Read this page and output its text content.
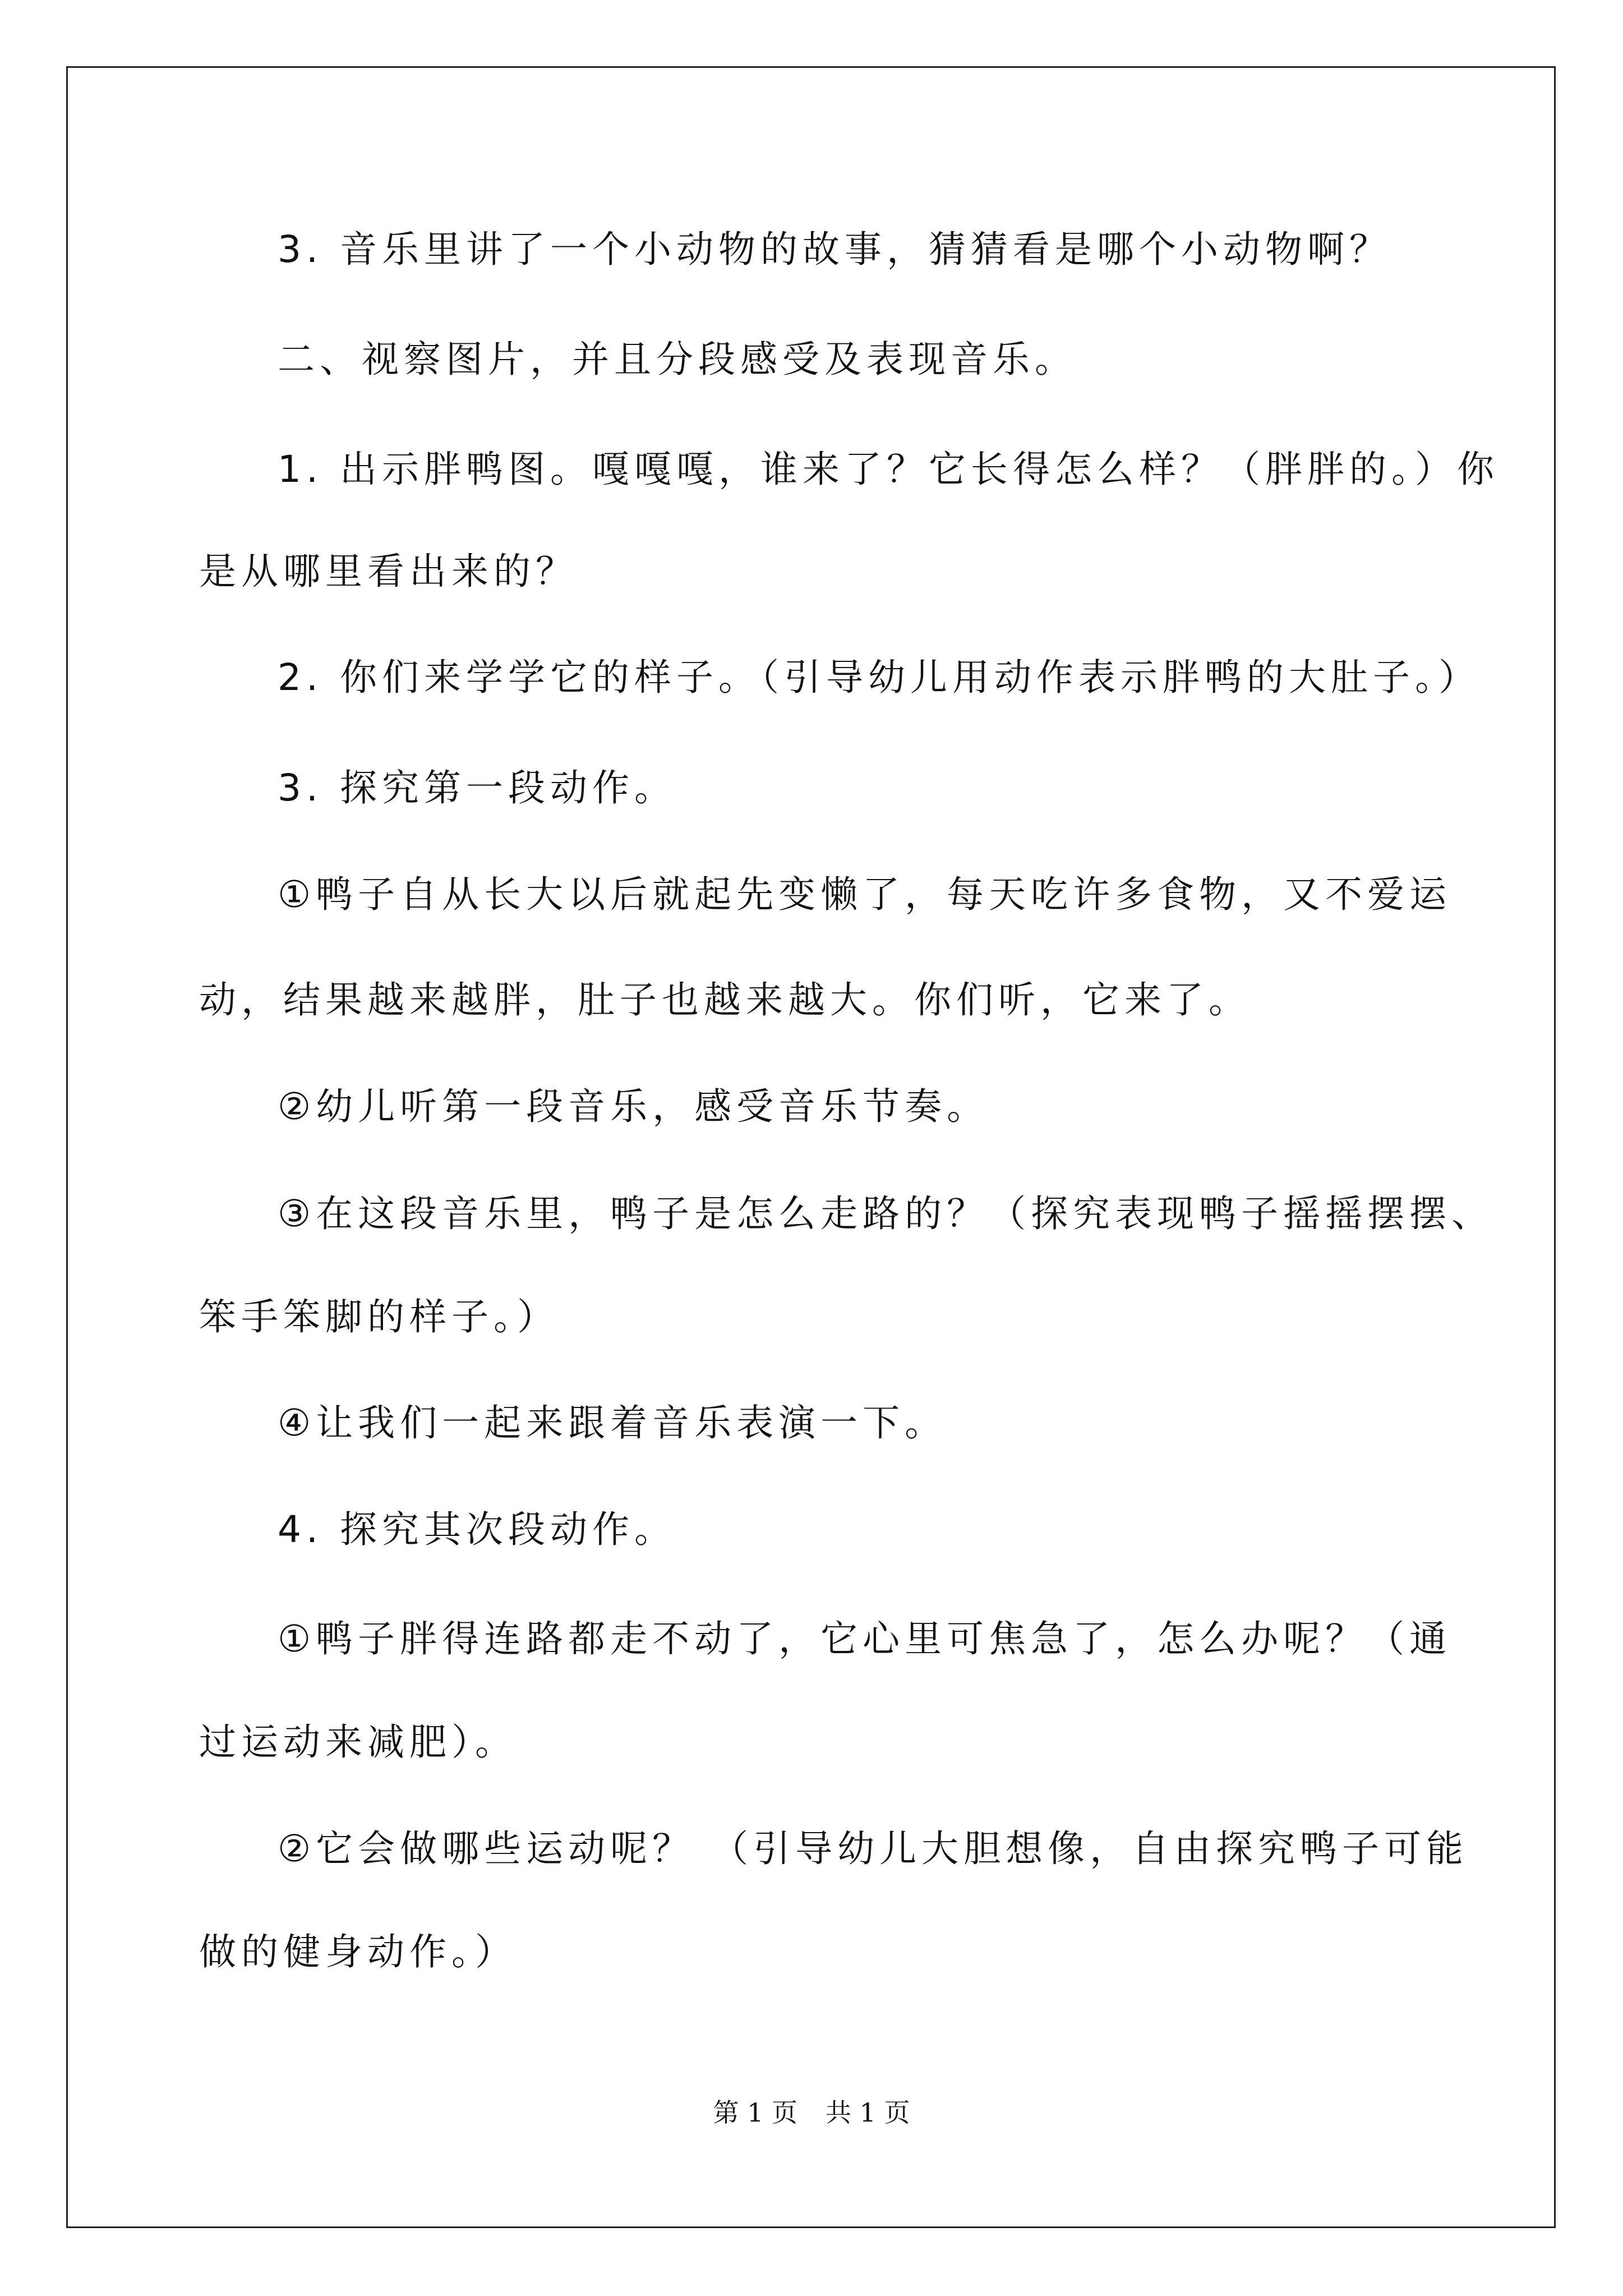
3. 音乐里讲了一个小动物的故事，猜猜看是哪个小动物啊？

二、视察图片，并且分段感受及表现音乐。

1. 出示胖鸭图。嘎嘎嘎，谁来了？它长得怎么样？（胖胖的。）你

是从哪里看出来的？

2. 你们来学学它的样子。（引导幼儿用动作表示胖鸭的大肚子。）

3. 探究第一段动作。

①鸭子自从长大以后就起先变懒了，每天吃许多食物，又不爱运

动，结果越来越胖，肚子也越来越大。你们听，它来了。

②幼儿听第一段音乐，感受音乐节奏。

③在这段音乐里，鸭子是怎么走路的？（探究表现鸭子摇摇摆摆、

笨手笨脚的样子。）

④让我们一起来跟着音乐表演一下。

4. 探究其次段动作。

①鸭子胖得连路都走不动了，它心里可焦急了，怎么办呢？（通

过运动来减肥）。

②它会做哪些运动呢？ （引导幼儿大胆想像，自由探究鸭子可能

做的健身动作。）

第 1 页 共 1 页
